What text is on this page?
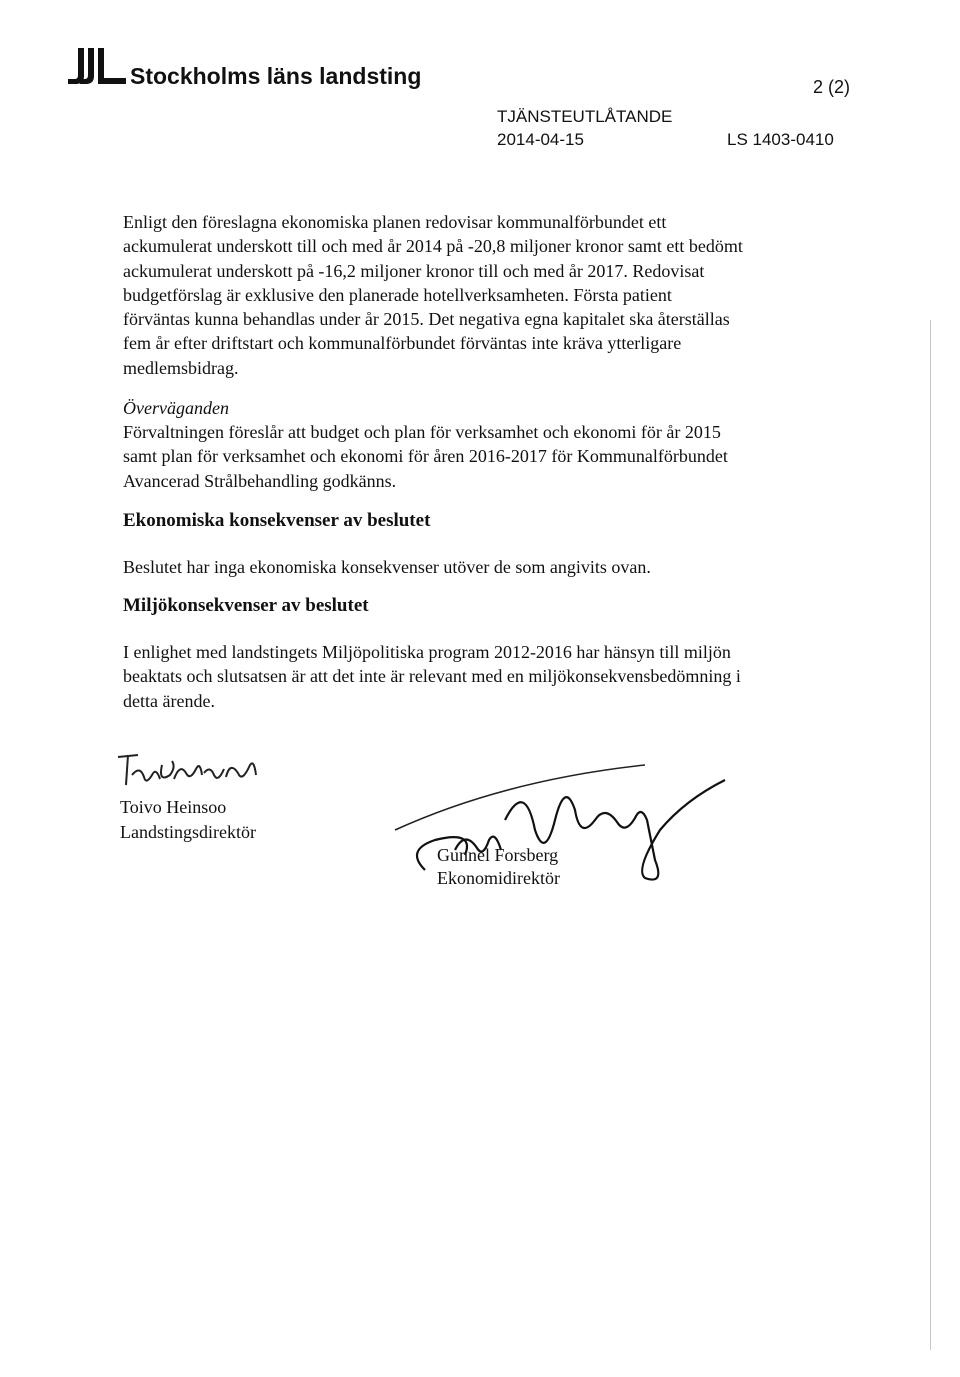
Stockholms läns landsting	2 (2)
TJÄNSTEUTLÅTANDE
2014-04-15	LS 1403-0410

Enligt den föreslagna ekonomiska planen redovisar kommunalförbundet ett ackumulerat underskott till och med år 2014 på -20,8 miljoner kronor samt ett bedömt ackumulerat underskott på -16,2 miljoner kronor till och med år 2017. Redovisat budgetförslag är exklusive den planerade hotellverksamheten. Första patient förväntas kunna behandlas under år 2015. Det negativa egna kapitalet ska återställas fem år efter driftstart och kommunalförbundet förväntas inte kräva ytterligare medlemsbidrag.

Överväganden

Förvaltningen föreslår att budget och plan för verksamhet och ekonomi för år 2015 samt plan för verksamhet och ekonomi för åren 2016-2017 för Kommunalförbundet Avancerad Strålbehandling godkänns.

Ekonomiska konsekvenser av beslutet

Beslutet har inga ekonomiska konsekvenser utöver de som angivits ovan.

Miljökonsekvenser av beslutet

I enlighet med landstingets Miljöpolitiska program 2012-2016 har hänsyn till miljön beaktats och slutsatsen är att det inte är relevant med en miljökonsekvensbedömning i detta ärende.

Toivo Heinsoo
Landstingsdirektör
Gunnel Forsberg
Ekonomidirektör
